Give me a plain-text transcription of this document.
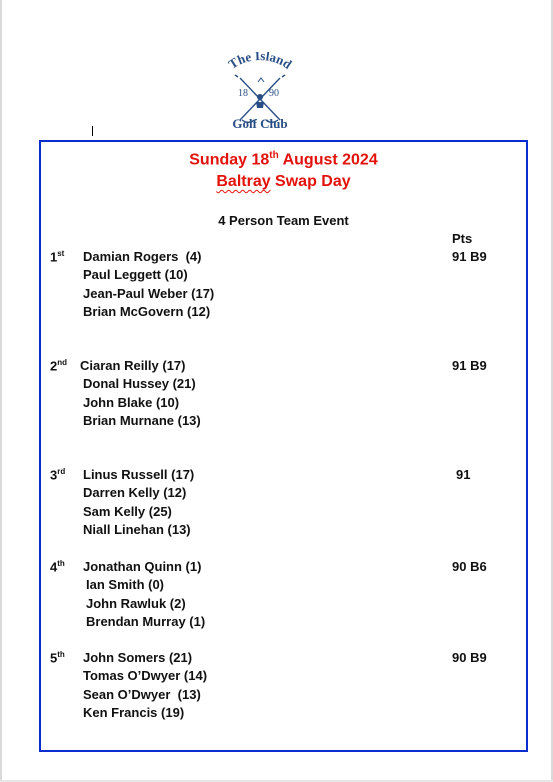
The Island
18 90
Golf Club
Sunday 18th August 2024
Baltray Swap Day
4 Person Team Event
Pts
1st Damian Rogers  (4)
Paul Leggett (10)
Jean-Paul Weber (17)
Brian McGovern (12)
91 B9
2nd Ciaran Reilly (17)
Donal Hussey (21)
John Blake (10)
Brian Murnane (13)
91 B9
3rd Linus Russell (17)
Darren Kelly (12)
Sam Kelly (25)
Niall Linehan (13)
91
4th Jonathan Quinn (1)
Ian Smith (0)
John Rawluk (2)
Brendan Murray (1)
90 B6
5th John Somers (21)
Tomas O’Dwyer (14)
Sean O’Dwyer  (13)
Ken Francis (19)
90 B9
